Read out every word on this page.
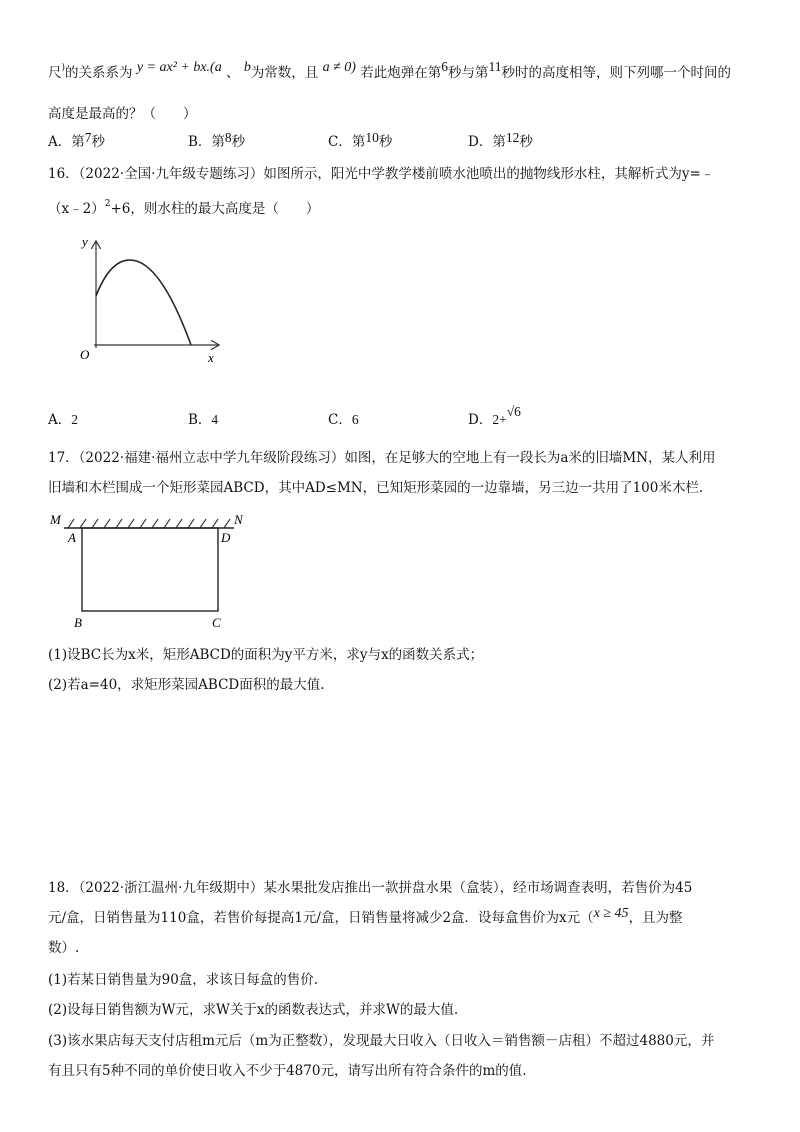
尺)的关系系为 y = ax² + bx.(a 、 b为常数，且 a ≠ 0) 若此炮弹在第6秒与第11秒时的高度相等，则下列哪一个时间的
高度是最高的？（　　）
A．第7秒	B．第8秒	C．第10秒	D．第12秒
16．（2022·全国·九年级专题练习）如图所示，阳光中学教学楼前喷水池喷出的抛物线形水柱，其解析式为y=﹣
（x﹣2）$^2$+6，则水柱的最大高度是（　　）
y
x
O
A．2	B．4	C．6	D．2+√6
17．（2022·福建·福州立志中学九年级阶段练习）如图，在足够大的空地上有一段长为a米的旧墙MN，某人利用
旧墙和木栏围成一个矩形菜园ABCD，其中AD≤MN，已知矩形菜园的一边靠墙，另三边一共用了100米木栏.
M	N
A	D
B	C
(1)设BC长为x米，矩形ABCD的面积为y平方米，求y与x的函数关系式；
(2)若a=40，求矩形菜园ABCD面积的最大值.
18．（2022·浙江温州·九年级期中）某水果批发店推出一款拼盘水果（盒装），经市场调查表明，若售价为45
元/盒，日销售量为110盒，若售价每提高1元/盒，日销售量将减少2盒．设每盒售价为x元（x ≥ 45，且为整
数）.
(1)若某日销售量为90盒，求该日每盒的售价.
(2)设每日销售额为W元，求W关于x的函数表达式，并求W的最大值.
(3)该水果店每天支付店租m元后（m为正整数），发现最大日收入（日收入＝销售额－店租）不超过4880元，并
有且只有5种不同的单价使日收入不少于4870元，请写出所有符合条件的m的值.
